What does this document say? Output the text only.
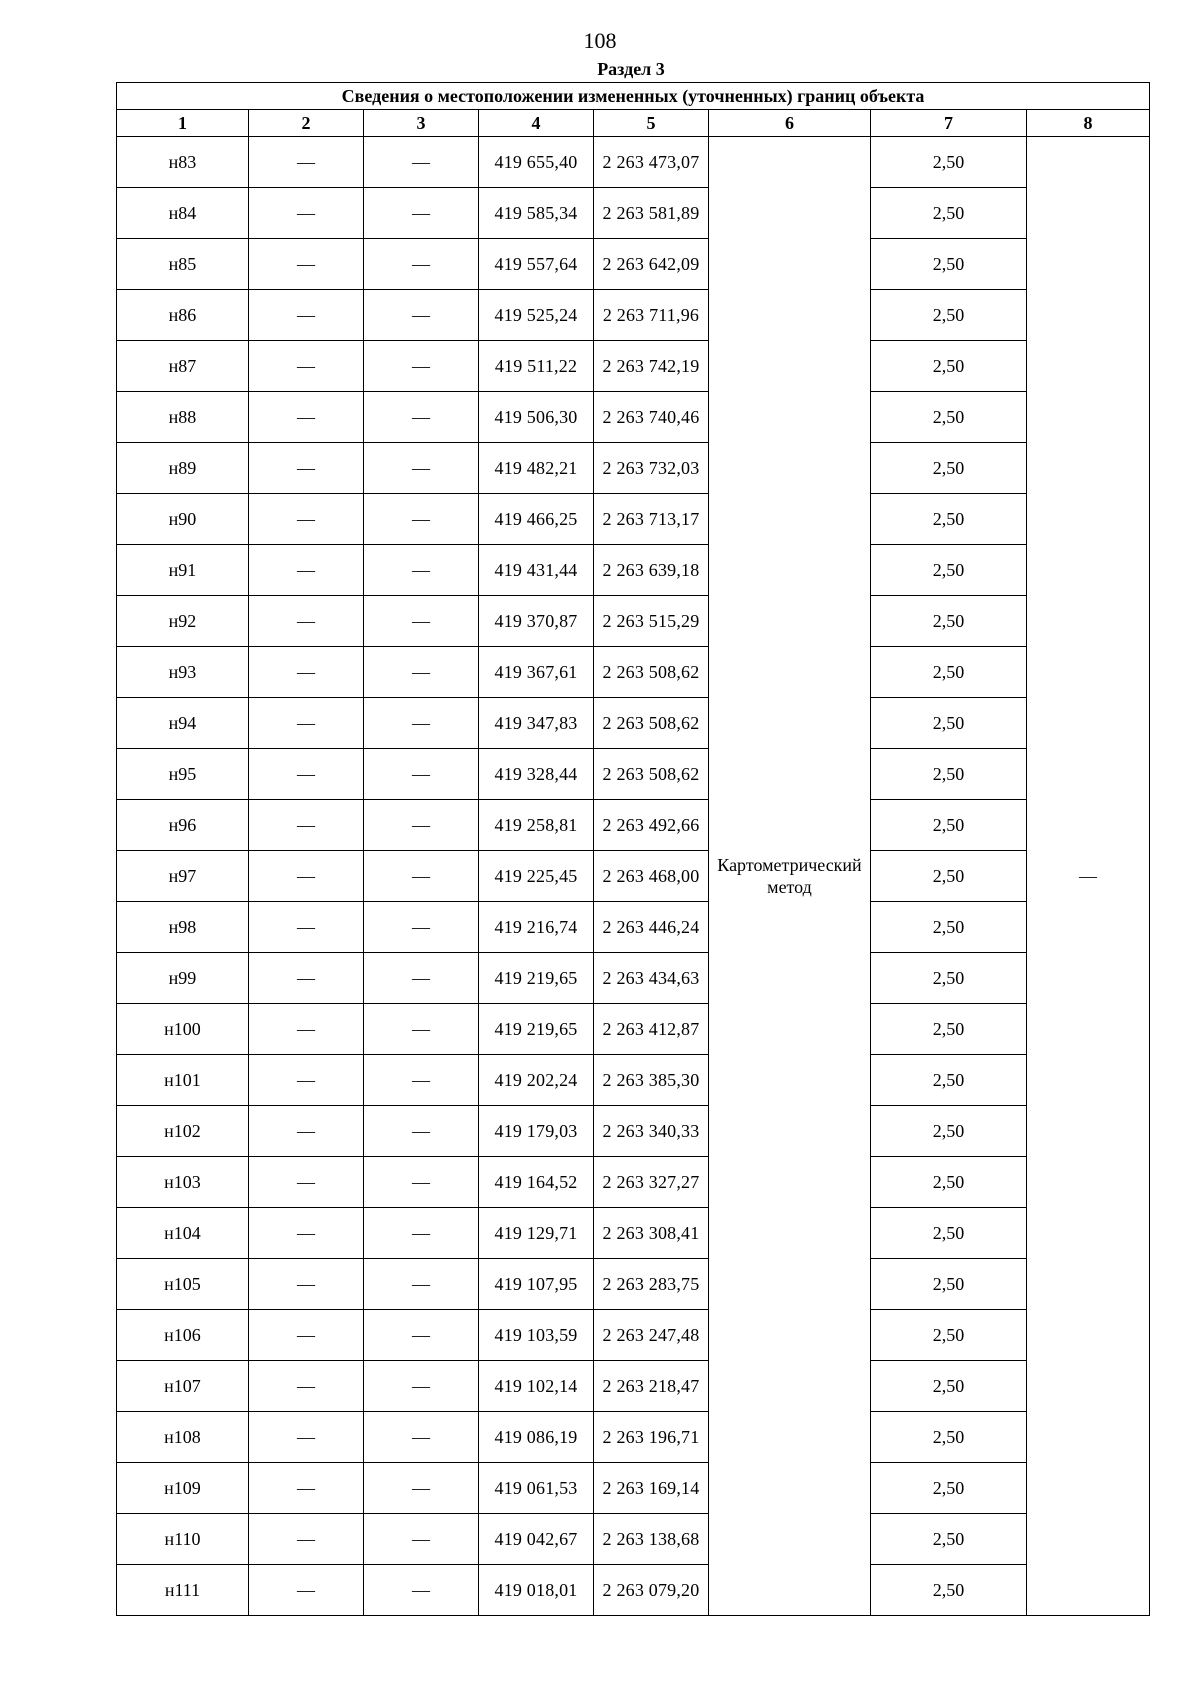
108
Раздел 3
Сведения о местоположении измененных (уточненных) границ объекта							
1	2	3	4	5	6	7	8
н83	—	—	419 655,40	2 263 473,07	Картометрический метод	2,50	—
н84	—	—	419 585,34	2 263 581,89		2,50	
н85	—	—	419 557,64	2 263 642,09		2,50	
н86	—	—	419 525,24	2 263 711,96		2,50	
н87	—	—	419 511,22	2 263 742,19		2,50	
н88	—	—	419 506,30	2 263 740,46		2,50	
н89	—	—	419 482,21	2 263 732,03		2,50	
н90	—	—	419 466,25	2 263 713,17		2,50	
н91	—	—	419 431,44	2 263 639,18		2,50	
н92	—	—	419 370,87	2 263 515,29		2,50	
н93	—	—	419 367,61	2 263 508,62		2,50	
н94	—	—	419 347,83	2 263 508,62		2,50	
н95	—	—	419 328,44	2 263 508,62		2,50	
н96	—	—	419 258,81	2 263 492,66		2,50	
н97	—	—	419 225,45	2 263 468,00		2,50	
н98	—	—	419 216,74	2 263 446,24		2,50	
н99	—	—	419 219,65	2 263 434,63		2,50	
н100	—	—	419 219,65	2 263 412,87		2,50	
н101	—	—	419 202,24	2 263 385,30		2,50	
н102	—	—	419 179,03	2 263 340,33		2,50	
н103	—	—	419 164,52	2 263 327,27		2,50	
н104	—	—	419 129,71	2 263 308,41		2,50	
н105	—	—	419 107,95	2 263 283,75		2,50	
н106	—	—	419 103,59	2 263 247,48		2,50	
н107	—	—	419 102,14	2 263 218,47		2,50	
н108	—	—	419 086,19	2 263 196,71		2,50	
н109	—	—	419 061,53	2 263 169,14		2,50	
н110	—	—	419 042,67	2 263 138,68		2,50	
н111	—	—	419 018,01	2 263 079,20		2,50	
